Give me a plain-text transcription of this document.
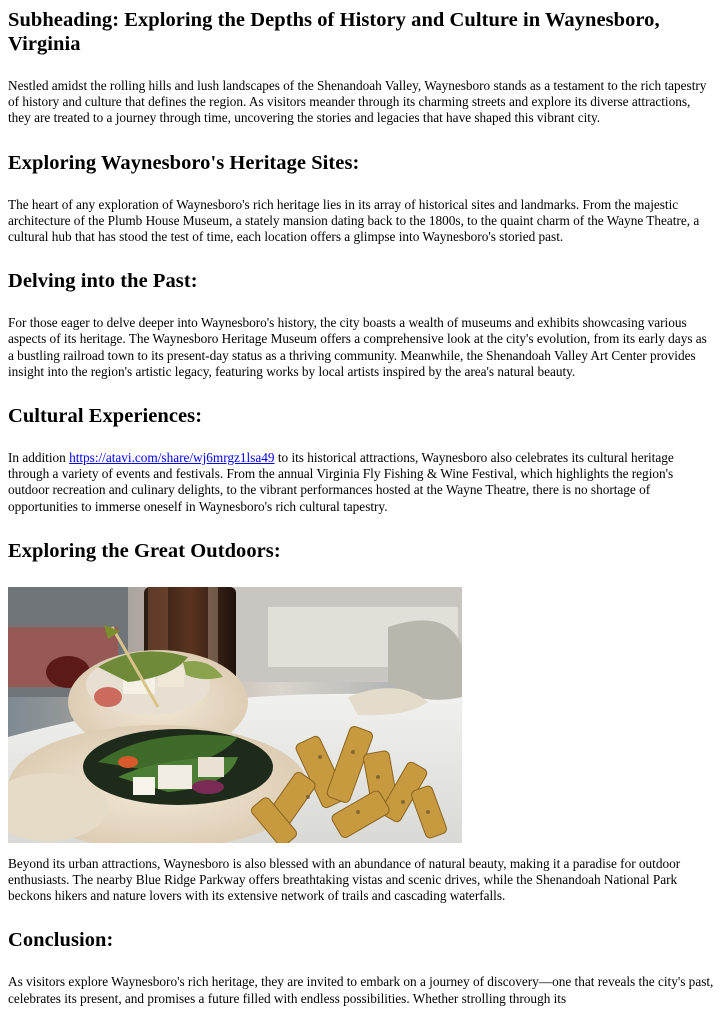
Subheading: Exploring the Depths of History and Culture in Waynesboro, Virginia

Nestled amidst the rolling hills and lush landscapes of the Shenandoah Valley, Waynesboro stands as a testament to the rich tapestry of history and culture that defines the region. As visitors meander through its charming streets and explore its diverse attractions, they are treated to a journey through time, uncovering the stories and legacies that have shaped this vibrant city.

Exploring Waynesboro's Heritage Sites:

The heart of any exploration of Waynesboro's rich heritage lies in its array of historical sites and landmarks. From the majestic architecture of the Plumb House Museum, a stately mansion dating back to the 1800s, to the quaint charm of the Wayne Theatre, a cultural hub that has stood the test of time, each location offers a glimpse into Waynesboro's storied past.

Delving into the Past:

For those eager to delve deeper into Waynesboro's history, the city boasts a wealth of museums and exhibits showcasing various aspects of its heritage. The Waynesboro Heritage Museum offers a comprehensive look at the city's evolution, from its early days as a bustling railroad town to its present-day status as a thriving community. Meanwhile, the Shenandoah Valley Art Center provides insight into the region's artistic legacy, featuring works by local artists inspired by the area's natural beauty.

Cultural Experiences:

In addition https://atavi.com/share/wj6mrgz1lsa49 to its historical attractions, Waynesboro also celebrates its cultural heritage through a variety of events and festivals. From the annual Virginia Fly Fishing & Wine Festival, which highlights the region's outdoor recreation and culinary delights, to the vibrant performances hosted at the Wayne Theatre, there is no shortage of opportunities to immerse oneself in Waynesboro's rich cultural tapestry.

Exploring the Great Outdoors:

Beyond its urban attractions, Waynesboro is also blessed with an abundance of natural beauty, making it a paradise for outdoor enthusiasts. The nearby Blue Ridge Parkway offers breathtaking vistas and scenic drives, while the Shenandoah National Park beckons hikers and nature lovers with its extensive network of trails and cascading waterfalls.

Conclusion:

As visitors explore Waynesboro's rich heritage, they are invited to embark on a journey of discovery—one that reveals the city's past, celebrates its present, and promises a future filled with endless possibilities. Whether strolling through its
